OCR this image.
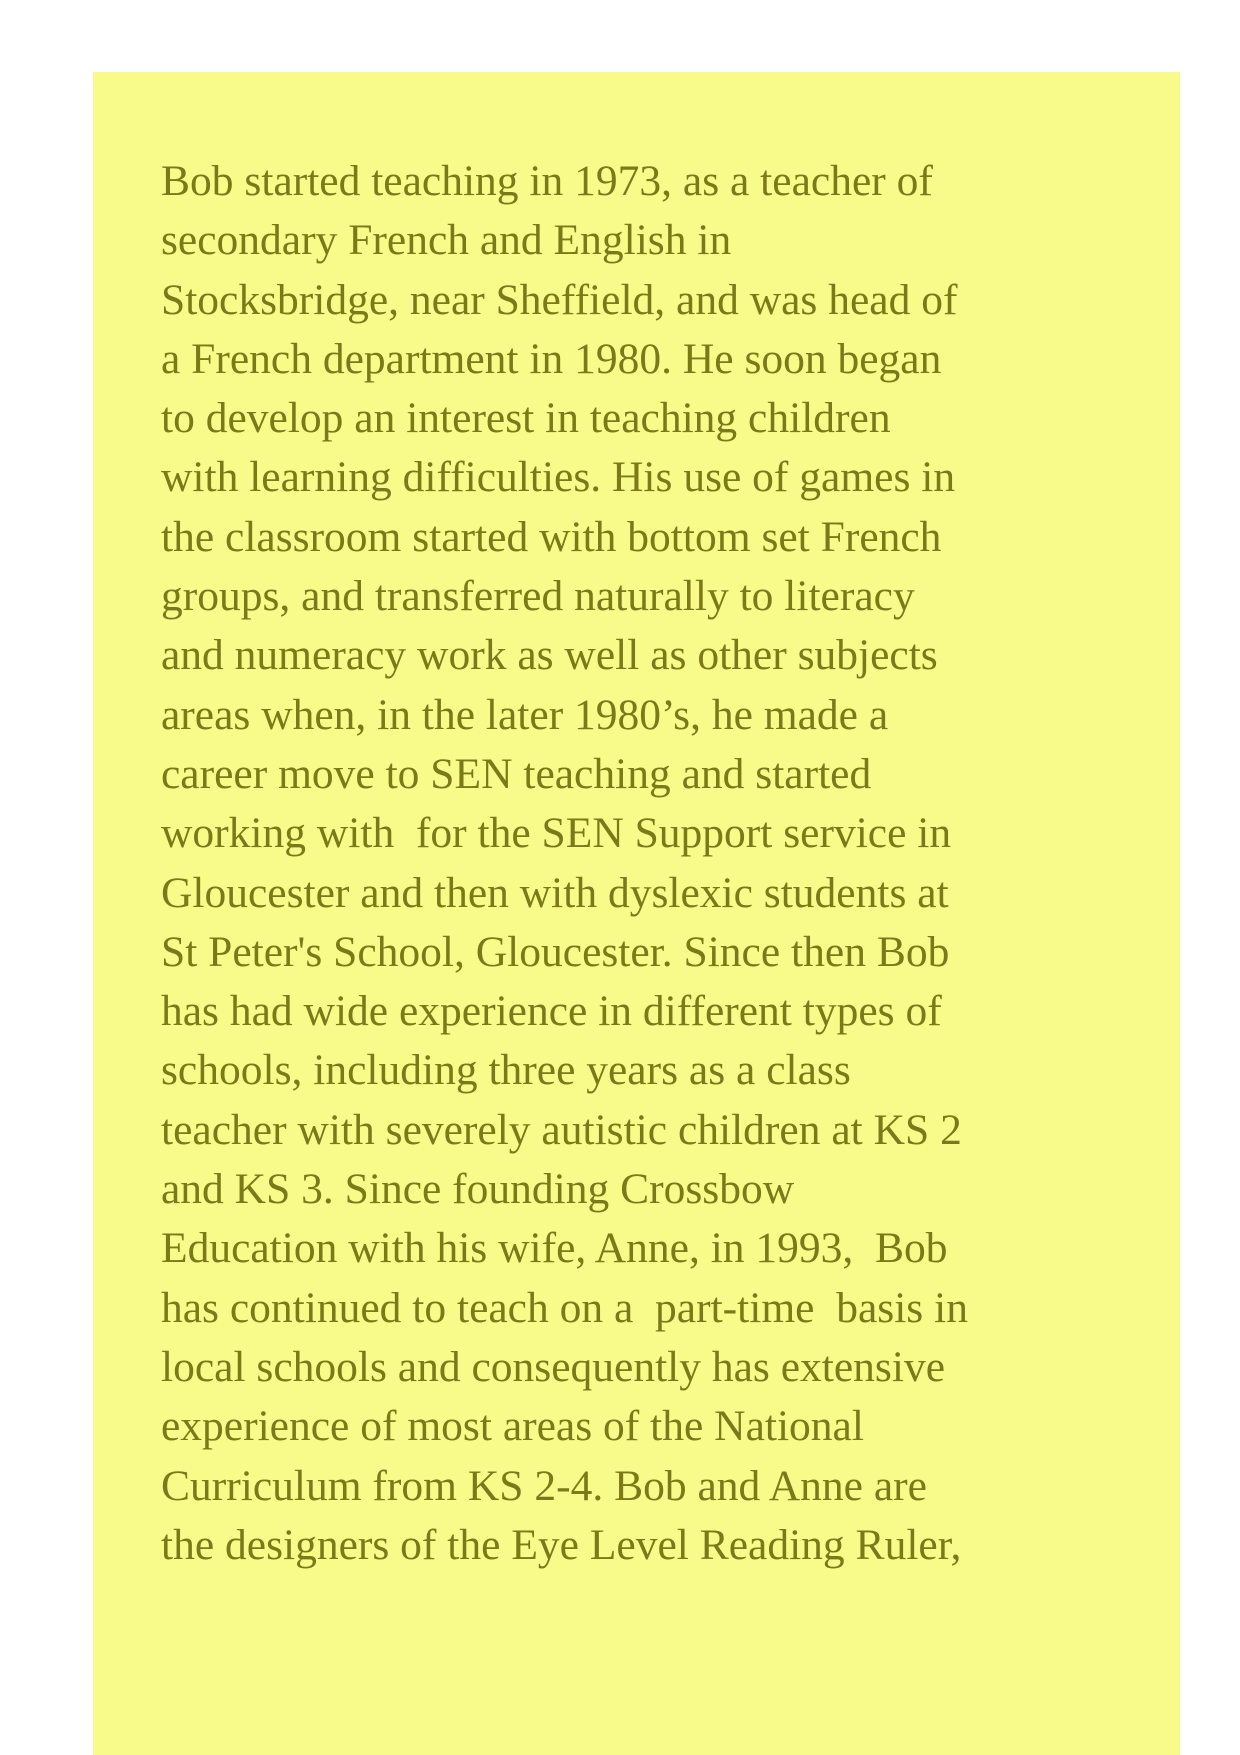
Bob started teaching in 1973, as a teacher of
secondary French and English in
Stocksbridge, near Sheffield, and was head of
a French department in 1980. He soon began
to develop an interest in teaching children
with learning difficulties. His use of games in
the classroom started with bottom set French
groups, and transferred naturally to literacy
and numeracy work as well as other subjects
areas when, in the later 1980’s, he made a
career move to SEN teaching and started
working with  for the SEN Support service in
Gloucester and then with dyslexic students at
St Peter's School, Gloucester. Since then Bob
has had wide experience in different types of
schools, including three years as a class
teacher with severely autistic children at KS 2
and KS 3. Since founding Crossbow
Education with his wife, Anne, in 1993,  Bob
has continued to teach on a  part-time  basis in
local schools and consequently has extensive
experience of most areas of the National
Curriculum from KS 2-4. Bob and Anne are
the designers of the Eye Level Reading Ruler,
